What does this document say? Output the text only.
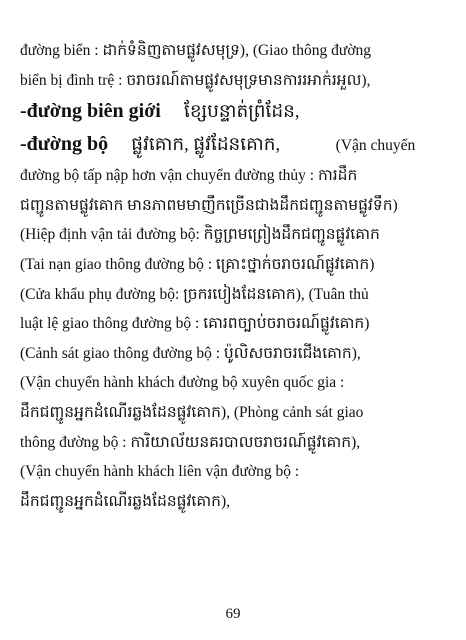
đường biển : ដាក់ទំនិញតាមផ្លូវសមុទ្រ), (Giao thông đường
biển bị đình trệ : ចរាចរណ៍តាមផ្លូវសមុទ្រមានការរអាក់រអួល),
-đường biên giới ខ្សែបន្ទាត់ព្រំដែន,
-đường bộ ផ្លូវគោក, ផ្លូវដែនគោក,	(Vận chuyển
đường bộ tấp nập hơn vận chuyển đường thủy : ការដឹក
ជញ្ជូនតាមផ្លូវគោក មានភាពមមាញឹកច្រើនជាងដឹកជញ្ជូនតាមផ្លូវទឹក)
(Hiệp định vận tải đường bộ: កិច្ចព្រមព្រៀងដឹកជញ្ជូនផ្លូវគោក
(Tai nạn giao thông đường bộ : គ្រោះថ្នាក់ចរាចរណ៍ផ្លូវគោក)
(Cửa khẩu phụ đường bộ: ច្រករបៀងដែនគោក), (Tuân thủ
luật lệ giao thông đường bộ : គោរពច្បាប់ចរាចរណ៍ផ្លូវគោក)
(Cảnh sát giao thông đường bộ : ប៉ូលិសចរាចរជើងគោក),
(Vận chuyển hành khách đường bộ xuyên quốc gia :
ដឹកជញ្ជូនអ្នកដំណើរឆ្លងដែនផ្លូវគោក), (Phòng cảnh sát giao
thông đường bộ : ការិយាល័យនគរបាលចរាចរណ៍ផ្លូវគោក),
(Vận chuyển hành khách liên vận đường bộ :
ដឹកជញ្ជូនអ្នកដំណើរឆ្លងដែនផ្លូវគោក),
69
